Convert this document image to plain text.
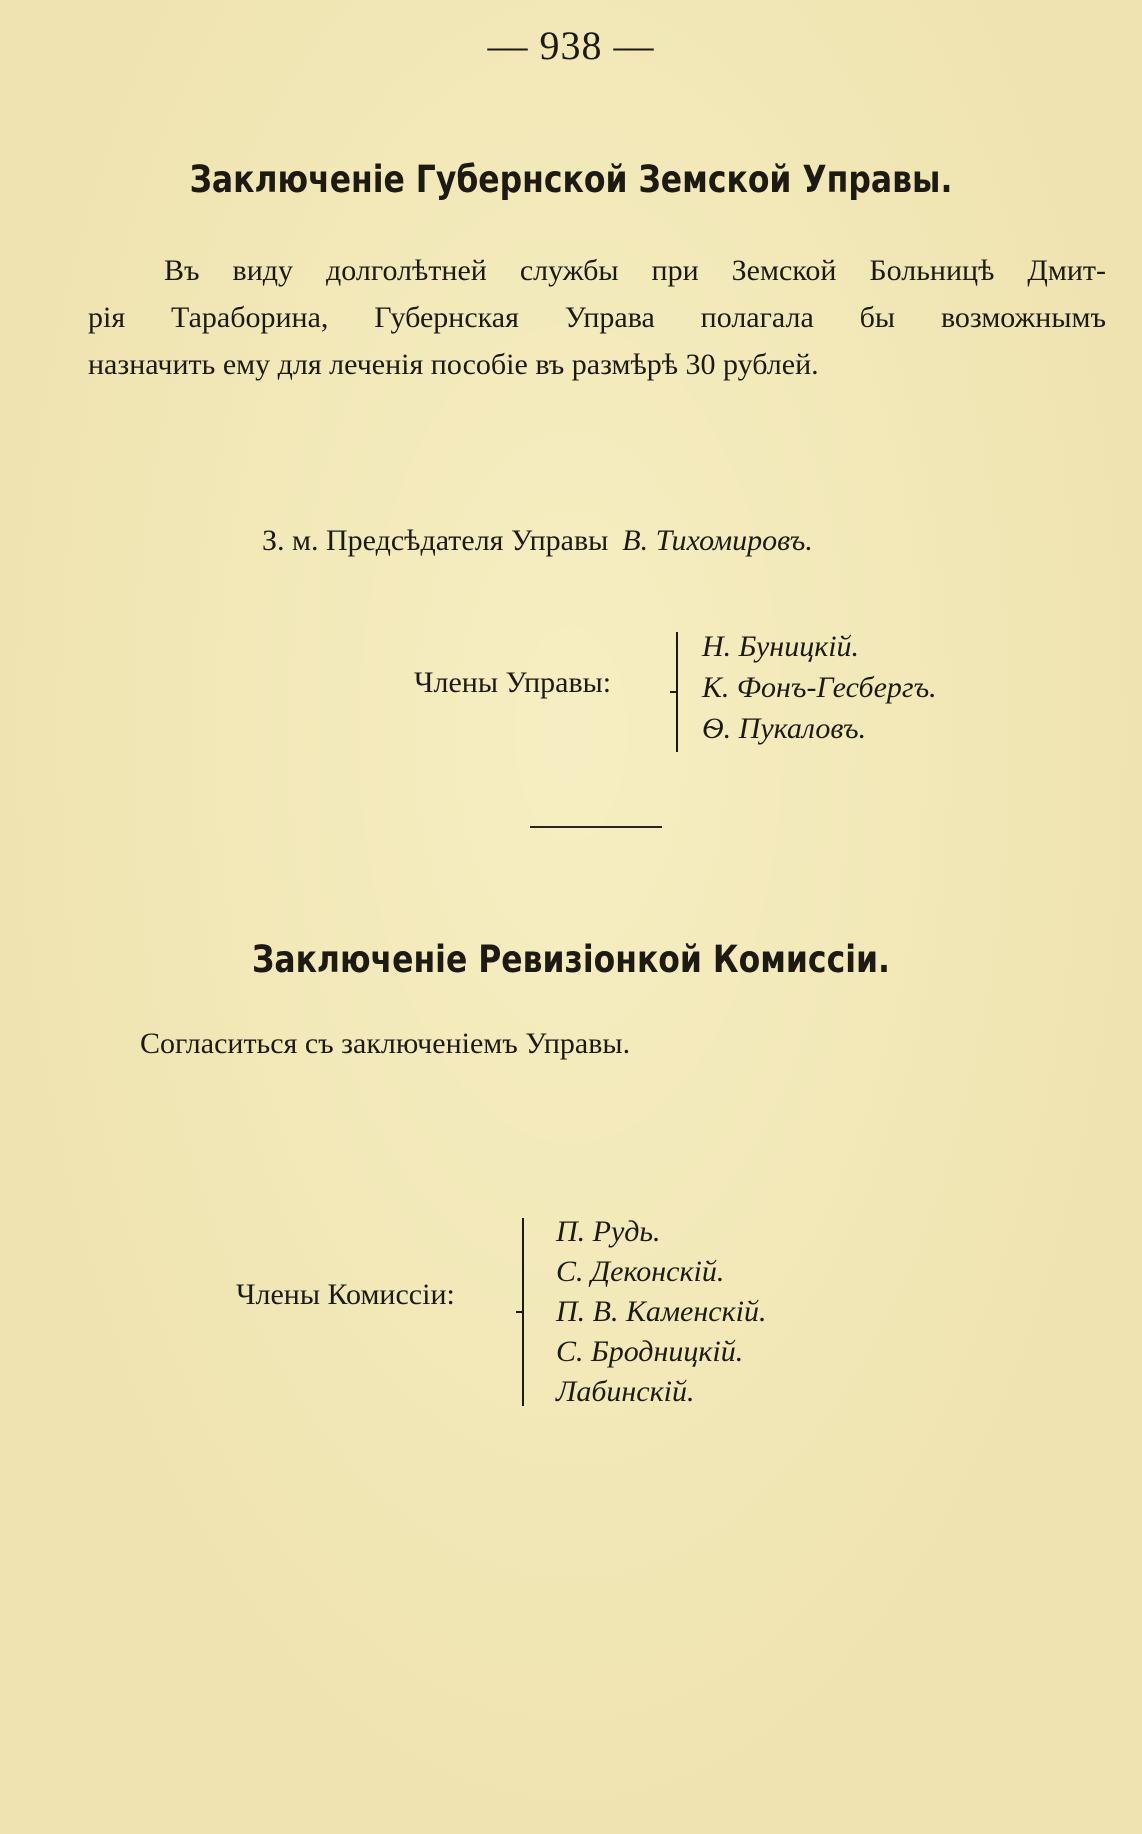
— 938 —
Заключенiе Губернской Земской Управы.
Въ виду долголѣтней службы при Земской Больницѣ Дмит-
рiя Тараборина, Губернская Управа полагала бы возможнымъ
назначить ему для леченiя пособiе въ размѣрѣ 30 рублей.
З. м. Предсѣдателя Управы В. Тихомировъ.
Члены Управы:
Н. Буницкiй.
К. Фонъ-Гесбергъ.
Ѳ. Пукаловъ.
Заключенiе Ревизiонкой Комиссiи.
Согласиться съ заключенiемъ Управы.
Члены Комиссiи:
П. Рудь.
С. Деконскiй.
П. В. Каменскiй.
С. Бродницкiй.
Лабинскiй.
